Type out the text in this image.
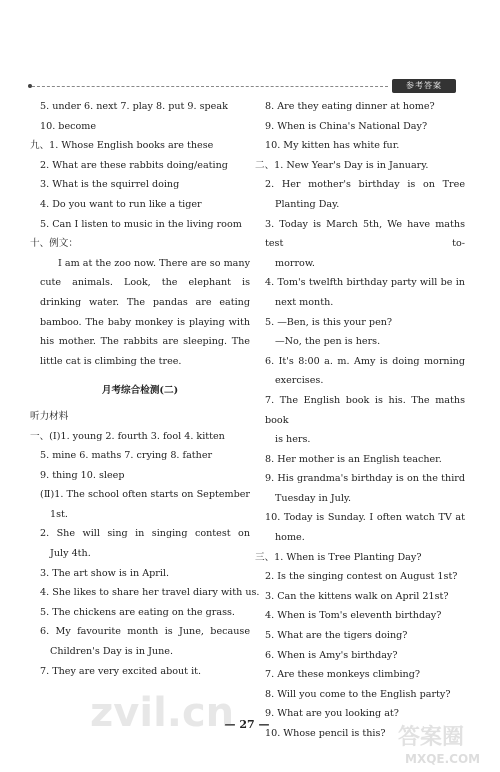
参考答案
5. under 6. next 7. play 8. put 9. speak
10. become
九、1. Whose English books are these
2. What are these rabbits doing/eating
3. What is the squirrel doing
4. Do you want to run like a tiger
5. Can I listen to music in the living room
十、例文：
I am at the zoo now. There are so many cute animals. Look, the elephant is drinking water. The pandas are eating bamboo. The baby monkey is playing with his mother. The rabbits are sleeping. The little cat is climbing the tree.
月考综合检测(二)
听力材料
一、(Ⅰ)1. young 2. fourth 3. fool 4. kitten
5. mine 6. maths 7. crying 8. father
9. thing 10. sleep
(Ⅱ)1. The school often starts on September
1st.
2. She will sing in singing contest on
July 4th.
3. The art show is in April.
4. She likes to share her travel diary with us.
5. The chickens are eating on the grass.
6. My favourite month is June, because
Children's Day is in June.
7. They are very excited about it.
8. Are they eating dinner at home?
9. When is China's National Day?
10. My kitten has white fur.
二、1. New Year's Day is in January.
2. Her mother's birthday is on Tree
Planting Day.
3. Today is March 5th, We have maths test to-
morrow.
4. Tom's twelfth birthday party will be in
next month.
5. —Ben, is this your pen?
—No, the pen is hers.
6. It's 8:00 a. m. Amy is doing morning
exercises.
7. The English book is his. The maths book
is hers.
8. Her mother is an English teacher.
9. His grandma's birthday is on the third
Tuesday in July.
10. Today is Sunday. I often watch TV at
home.
三、1. When is Tree Planting Day?
2. Is the singing contest on August 1st?
3. Can the kittens walk on April 21st?
4. When is Tom's eleventh birthday?
5. What are the tigers doing?
6. When is Amy's birthday?
7. Are these monkeys climbing?
8. Will you come to the English party?
9. What are you looking at?
10. Whose pencil is this?
— 27 —
zvil.cn
答案圈
MXQE.COM
